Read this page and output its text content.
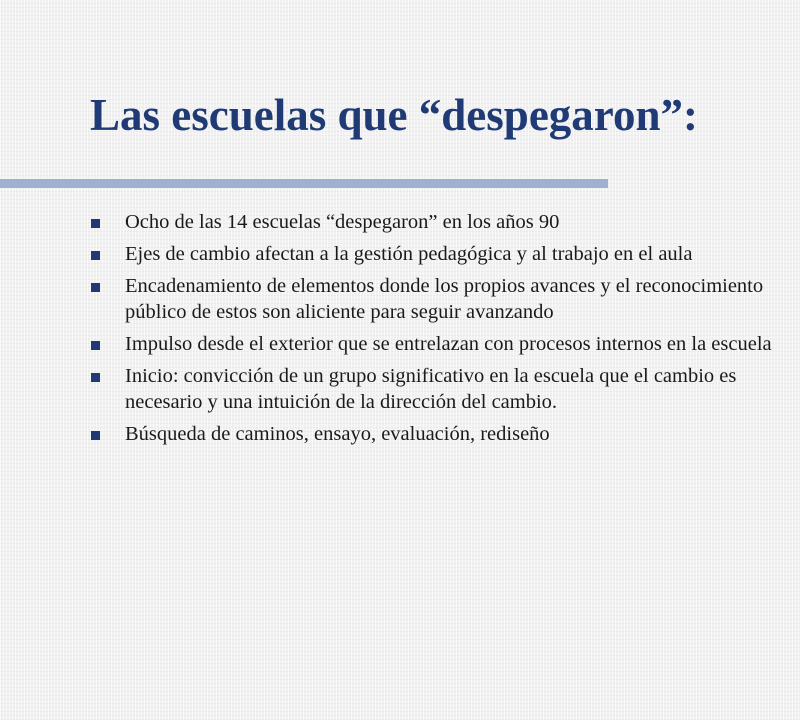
Las escuelas que “despegaron”:
Ocho de las 14 escuelas “despegaron” en los años 90
Ejes de cambio afectan a la gestión pedagógica y al trabajo en el aula
Encadenamiento de elementos donde los propios avances y el reconocimiento público de estos son aliciente para seguir avanzando
Impulso desde el exterior que se entrelazan con procesos internos en la escuela
Inicio: convicción de un grupo significativo en la escuela que el cambio es necesario y una intuición de la dirección del cambio.
Búsqueda de caminos, ensayo, evaluación, rediseño
